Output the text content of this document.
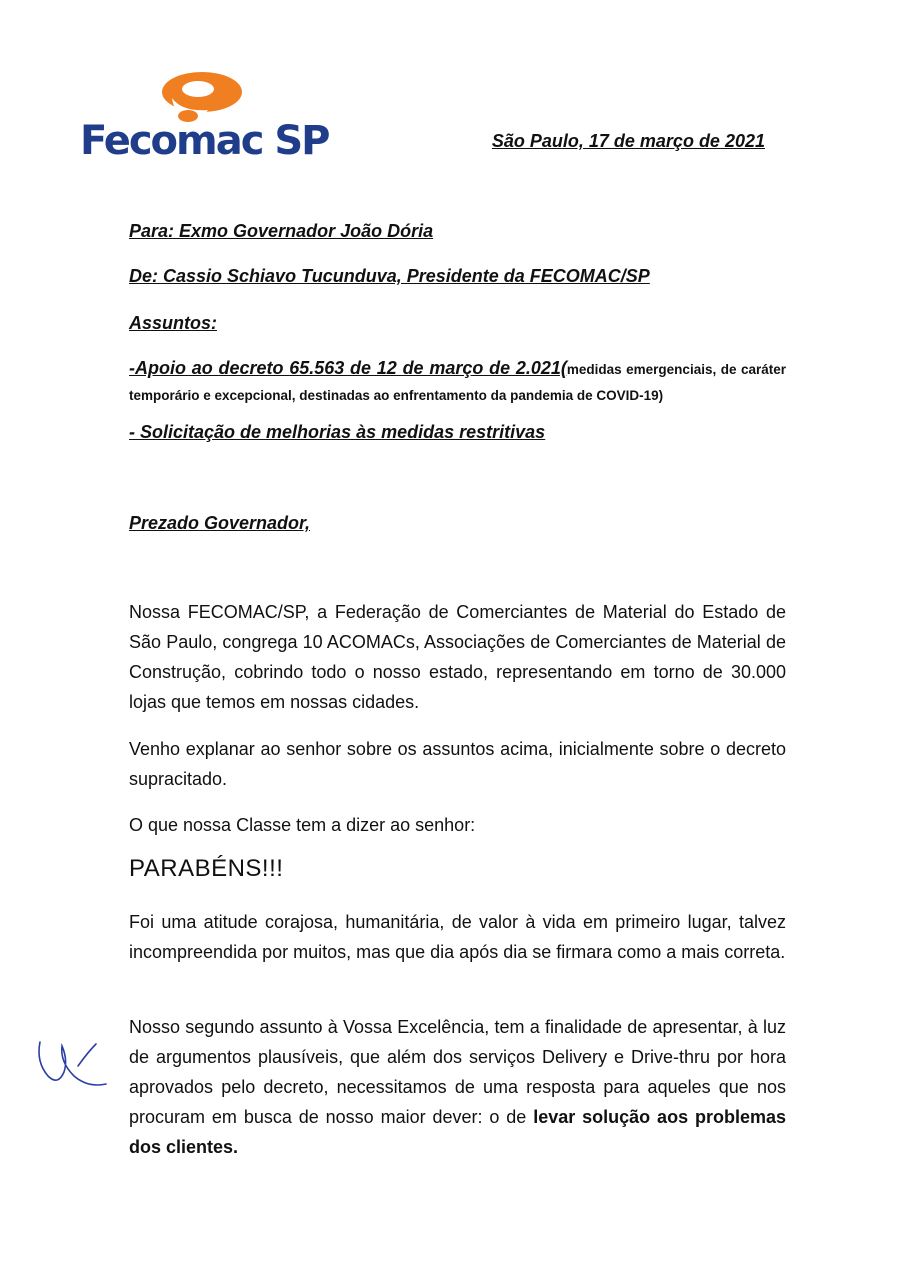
Fecomac SP	São Paulo, 17 de março de 2021
Para: Exmo Governador João Dória
De: Cassio Schiavo Tucunduva, Presidente da FECOMAC/SP
Assuntos:
-Apoio ao decreto 65.563 de 12 de março de 2.021(medidas emergenciais, de caráter temporário e excepcional, destinadas ao enfrentamento da pandemia de COVID-19)
- Solicitação de melhorias às medidas restritivas
Prezado Governador,

Nossa FECOMAC/SP, a Federação de Comerciantes de Material do Estado de São Paulo, congrega 10 ACOMACs, Associações de Comerciantes de Material de Construção, cobrindo todo o nosso estado, representando em torno de 30.000 lojas que temos em nossas cidades.

Venho explanar ao senhor sobre os assuntos acima, inicialmente sobre o decreto supracitado.

O que nossa Classe tem a dizer ao senhor:

PARABÉNS!!!

Foi uma atitude corajosa, humanitária, de valor à vida em primeiro lugar, talvez incompreendida por muitos, mas que dia após dia se firmara como a mais correta.

Nosso segundo assunto à Vossa Excelência, tem a finalidade de apresentar, à luz de argumentos plausíveis, que além dos serviços Delivery e Drive-thru por hora aprovados pelo decreto, necessitamos de uma resposta para aqueles que nos procuram em busca de nosso maior dever: o de levar solução aos problemas dos clientes.
